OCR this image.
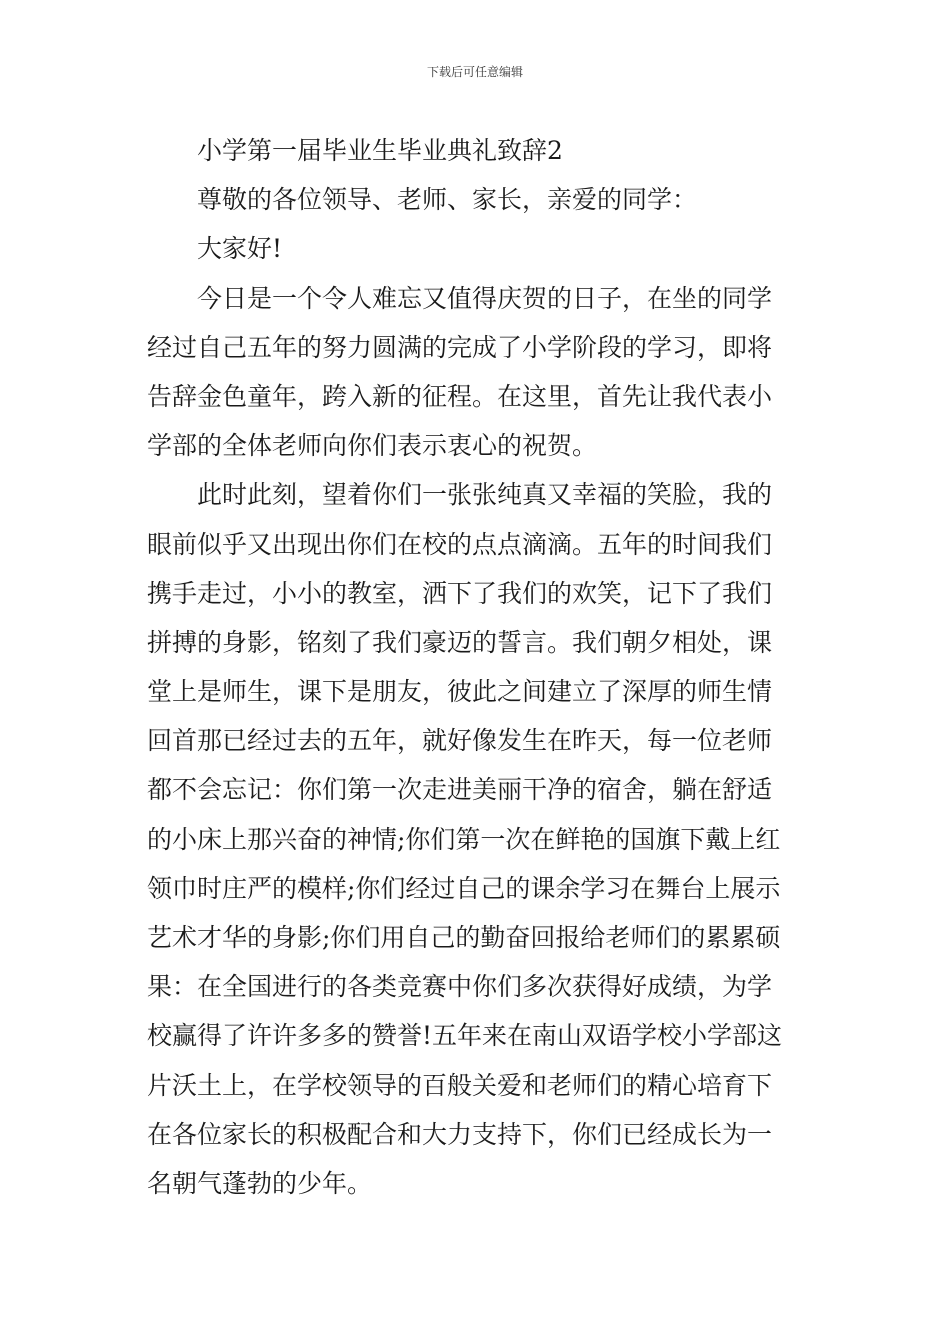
下载后可任意编辑
小学第一届毕业生毕业典礼致辞2
尊敬的各位领导、老师、家长，亲爱的同学：
大家好!
今日是一个令人难忘又值得庆贺的日子，在坐的同学
经过自己五年的努力圆满的完成了小学阶段的学习，即将
告辞金色童年，跨入新的征程。在这里，首先让我代表小
学部的全体老师向你们表示衷心的祝贺。
此时此刻，望着你们一张张纯真又幸福的笑脸，我的
眼前似乎又出现出你们在校的点点滴滴。五年的时间我们
携手走过，小小的教室，洒下了我们的欢笑，记下了我们
拼搏的身影，铭刻了我们豪迈的誓言。我们朝夕相处，课
堂上是师生，课下是朋友，彼此之间建立了深厚的师生情
回首那已经过去的五年，就好像发生在昨天，每一位老师
都不会忘记：你们第一次走进美丽干净的宿舍，躺在舒适
的小床上那兴奋的神情;你们第一次在鲜艳的国旗下戴上红
领巾时庄严的模样;你们经过自己的课余学习在舞台上展示
艺术才华的身影;你们用自己的勤奋回报给老师们的累累硕
果：在全国进行的各类竞赛中你们多次获得好成绩，为学
校赢得了许许多多的赞誉!五年来在南山双语学校小学部这
片沃土上，在学校领导的百般关爱和老师们的精心培育下
在各位家长的积极配合和大力支持下，你们已经成长为一
名朝气蓬勃的少年。
